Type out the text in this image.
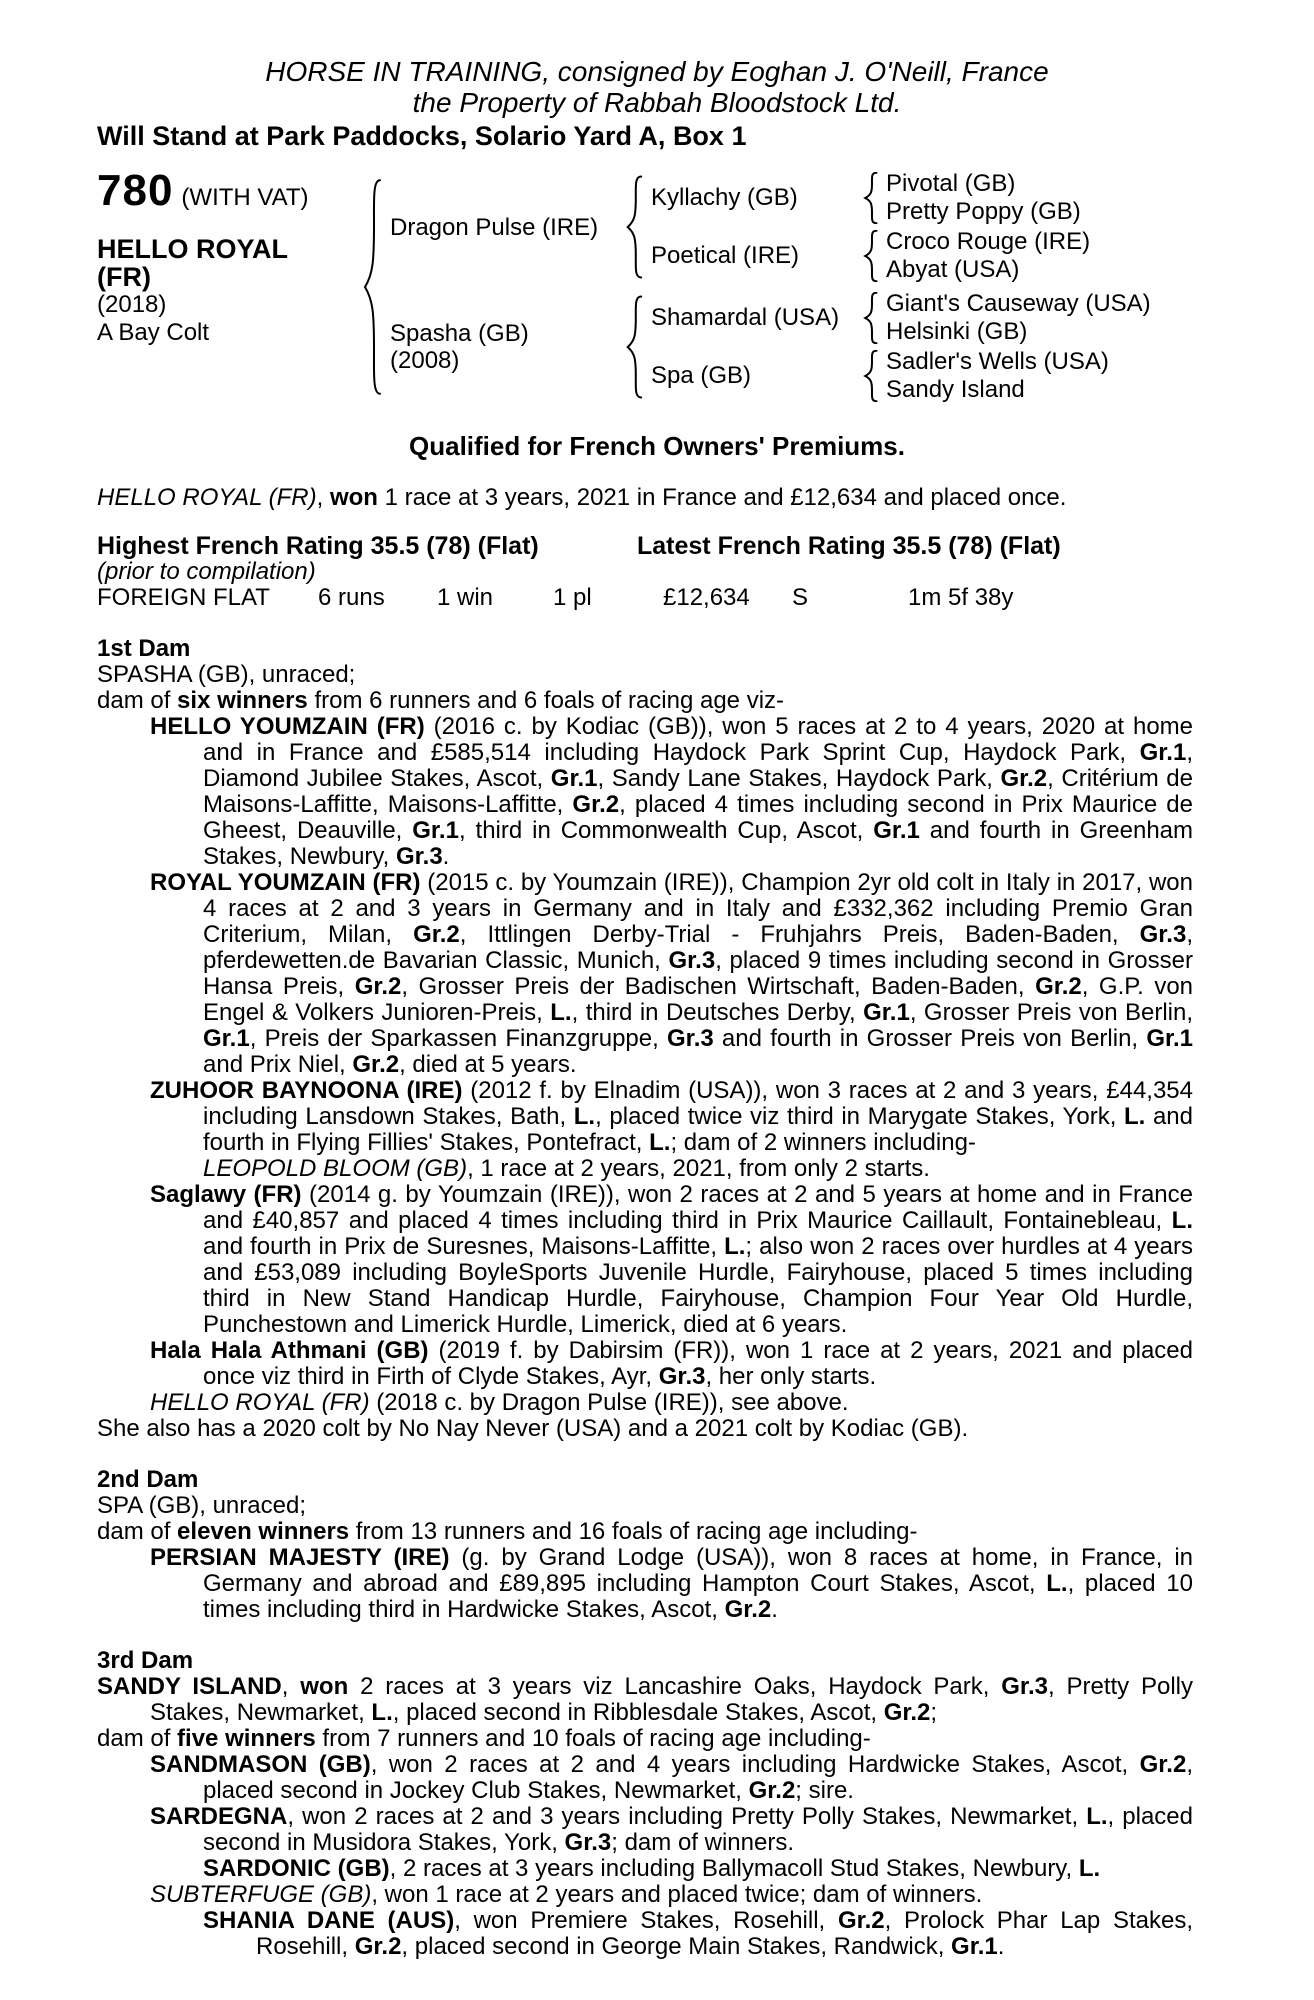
HORSE IN TRAINING, consigned by Eoghan J. O'Neill, France
the Property of Rabbah Bloodstock Ltd.
Will Stand at Park Paddocks, Solario Yard A, Box 1
780 (WITH VAT)
HELLO ROYAL
(FR)
(2018)
A Bay Colt
Dragon Pulse (IRE)
Kyllachy (GB)
Pivotal (GB)
Pretty Poppy (GB)
Poetical (IRE)
Croco Rouge (IRE)
Abyat (USA)
Spasha (GB)
(2008)
Shamardal (USA)
Giant's Causeway (USA)
Helsinki (GB)
Spa (GB)
Sadler's Wells (USA)
Sandy Island
Qualified for French Owners' Premiums.
HELLO ROYAL (FR), won 1 race at 3 years, 2021 in France and £12,634 and placed once.
Highest French Rating 35.5 (78) (Flat)	Latest French Rating 35.5 (78) (Flat)
(prior to compilation)
FOREIGN FLAT 6 runs 1 win 1 pl	£12,634 S	1m 5f 38y
1st Dam
SPASHA (GB), unraced;
dam of six winners from 6 runners and 6 foals of racing age viz-
HELLO YOUMZAIN (FR) (2016 c. by Kodiac (GB)), won 5 races at 2 to 4 years, 2020 at home and in France and £585,514 including Haydock Park Sprint Cup, Haydock Park, Gr.1, Diamond Jubilee Stakes, Ascot, Gr.1, Sandy Lane Stakes, Haydock Park, Gr.2, Critérium de Maisons-Laffitte, Maisons-Laffitte, Gr.2, placed 4 times including second in Prix Maurice de Gheest, Deauville, Gr.1, third in Commonwealth Cup, Ascot, Gr.1 and fourth in Greenham Stakes, Newbury, Gr.3.
ROYAL YOUMZAIN (FR) (2015 c. by Youmzain (IRE)), Champion 2yr old colt in Italy in 2017, won 4 races at 2 and 3 years in Germany and in Italy and £332,362 including Premio Gran Criterium, Milan, Gr.2, Ittlingen Derby-Trial - Fruhjahrs Preis, Baden-Baden, Gr.3, pferdewetten.de Bavarian Classic, Munich, Gr.3, placed 9 times including second in Grosser Hansa Preis, Gr.2, Grosser Preis der Badischen Wirtschaft, Baden-Baden, Gr.2, G.P. von Engel & Volkers Junioren-Preis, L., third in Deutsches Derby, Gr.1, Grosser Preis von Berlin, Gr.1, Preis der Sparkassen Finanzgruppe, Gr.3 and fourth in Grosser Preis von Berlin, Gr.1 and Prix Niel, Gr.2, died at 5 years.
ZUHOOR BAYNOONA (IRE) (2012 f. by Elnadim (USA)), won 3 races at 2 and 3 years, £44,354 including Lansdown Stakes, Bath, L., placed twice viz third in Marygate Stakes, York, L. and fourth in Flying Fillies' Stakes, Pontefract, L.; dam of 2 winners including-
LEOPOLD BLOOM (GB), 1 race at 2 years, 2021, from only 2 starts.
Saglawy (FR) (2014 g. by Youmzain (IRE)), won 2 races at 2 and 5 years at home and in France and £40,857 and placed 4 times including third in Prix Maurice Caillault, Fontainebleau, L. and fourth in Prix de Suresnes, Maisons-Laffitte, L.; also won 2 races over hurdles at 4 years and £53,089 including BoyleSports Juvenile Hurdle, Fairyhouse, placed 5 times including third in New Stand Handicap Hurdle, Fairyhouse, Champion Four Year Old Hurdle, Punchestown and Limerick Hurdle, Limerick, died at 6 years.
Hala Hala Athmani (GB) (2019 f. by Dabirsim (FR)), won 1 race at 2 years, 2021 and placed once viz third in Firth of Clyde Stakes, Ayr, Gr.3, her only starts.
HELLO ROYAL (FR) (2018 c. by Dragon Pulse (IRE)), see above.
She also has a 2020 colt by No Nay Never (USA) and a 2021 colt by Kodiac (GB).
2nd Dam
SPA (GB), unraced;
dam of eleven winners from 13 runners and 16 foals of racing age including-
PERSIAN MAJESTY (IRE) (g. by Grand Lodge (USA)), won 8 races at home, in France, in Germany and abroad and £89,895 including Hampton Court Stakes, Ascot, L., placed 10 times including third in Hardwicke Stakes, Ascot, Gr.2.
3rd Dam
SANDY ISLAND, won 2 races at 3 years viz Lancashire Oaks, Haydock Park, Gr.3, Pretty Polly Stakes, Newmarket, L., placed second in Ribblesdale Stakes, Ascot, Gr.2;
dam of five winners from 7 runners and 10 foals of racing age including-
SANDMASON (GB), won 2 races at 2 and 4 years including Hardwicke Stakes, Ascot, Gr.2, placed second in Jockey Club Stakes, Newmarket, Gr.2; sire.
SARDEGNA, won 2 races at 2 and 3 years including Pretty Polly Stakes, Newmarket, L., placed second in Musidora Stakes, York, Gr.3; dam of winners.
SARDONIC (GB), 2 races at 3 years including Ballymacoll Stud Stakes, Newbury, L.
SUBTERFUGE (GB), won 1 race at 2 years and placed twice; dam of winners.
SHANIA DANE (AUS), won Premiere Stakes, Rosehill, Gr.2, Prolock Phar Lap Stakes, Rosehill, Gr.2, placed second in George Main Stakes, Randwick, Gr.1.
